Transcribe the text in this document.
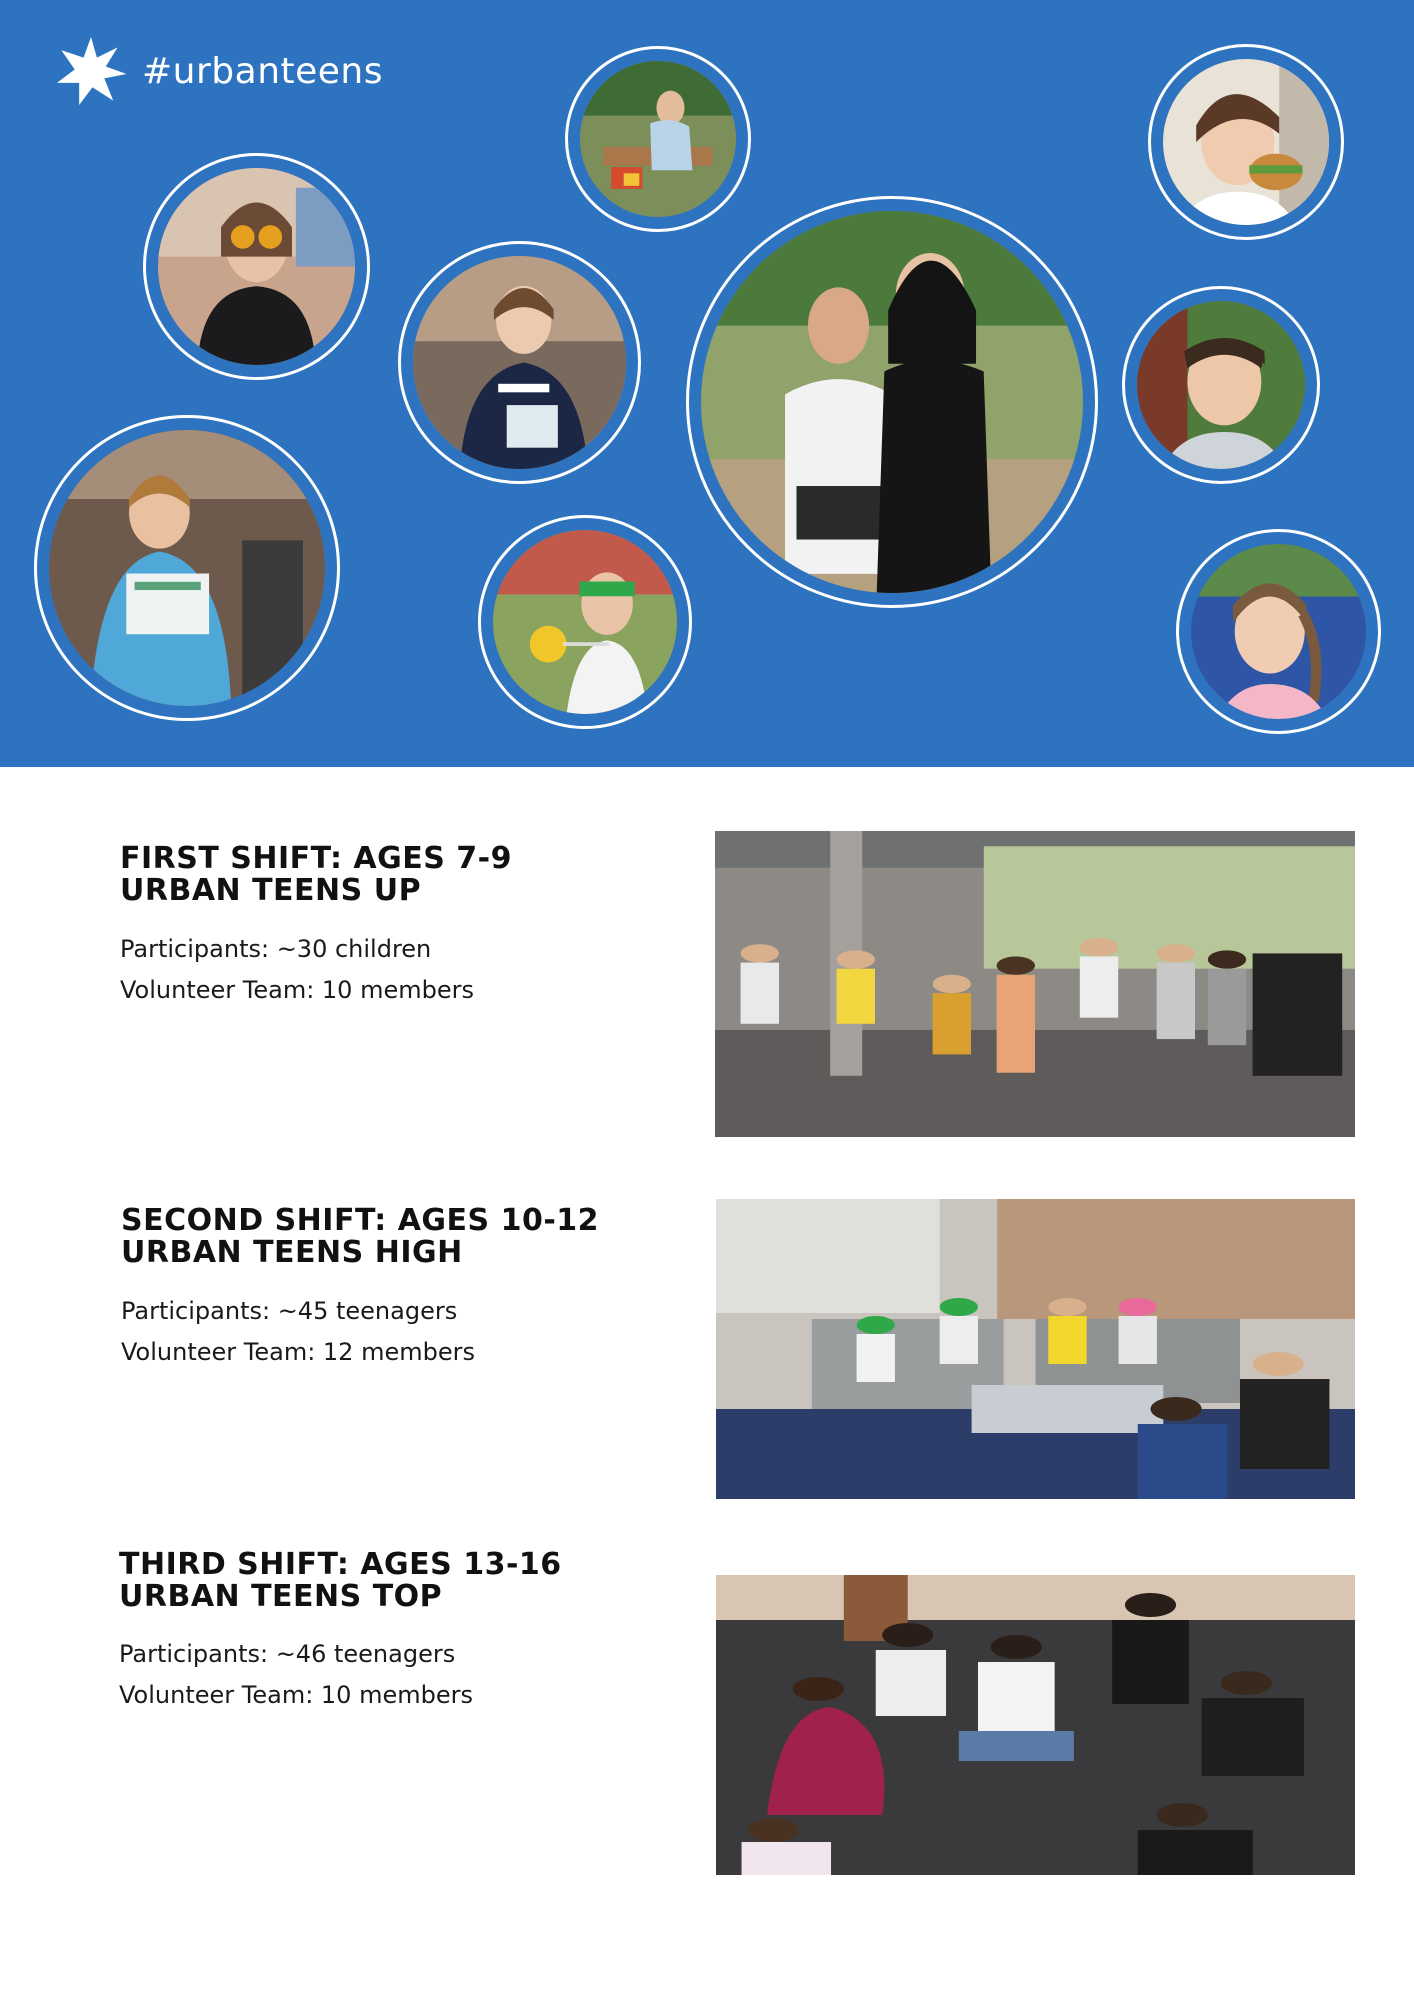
#urbanteens
FIRST SHIFT: AGES 7-9
URBAN TEENS UP
Participants: ~30 children
Volunteer Team: 10 members
SECOND SHIFT: AGES 10-12
URBAN TEENS HIGH
Participants: ~45 teenagers
Volunteer Team: 12 members
THIRD SHIFT: AGES 13-16
URBAN TEENS TOP
Participants: ~46 teenagers
Volunteer Team: 10 members
